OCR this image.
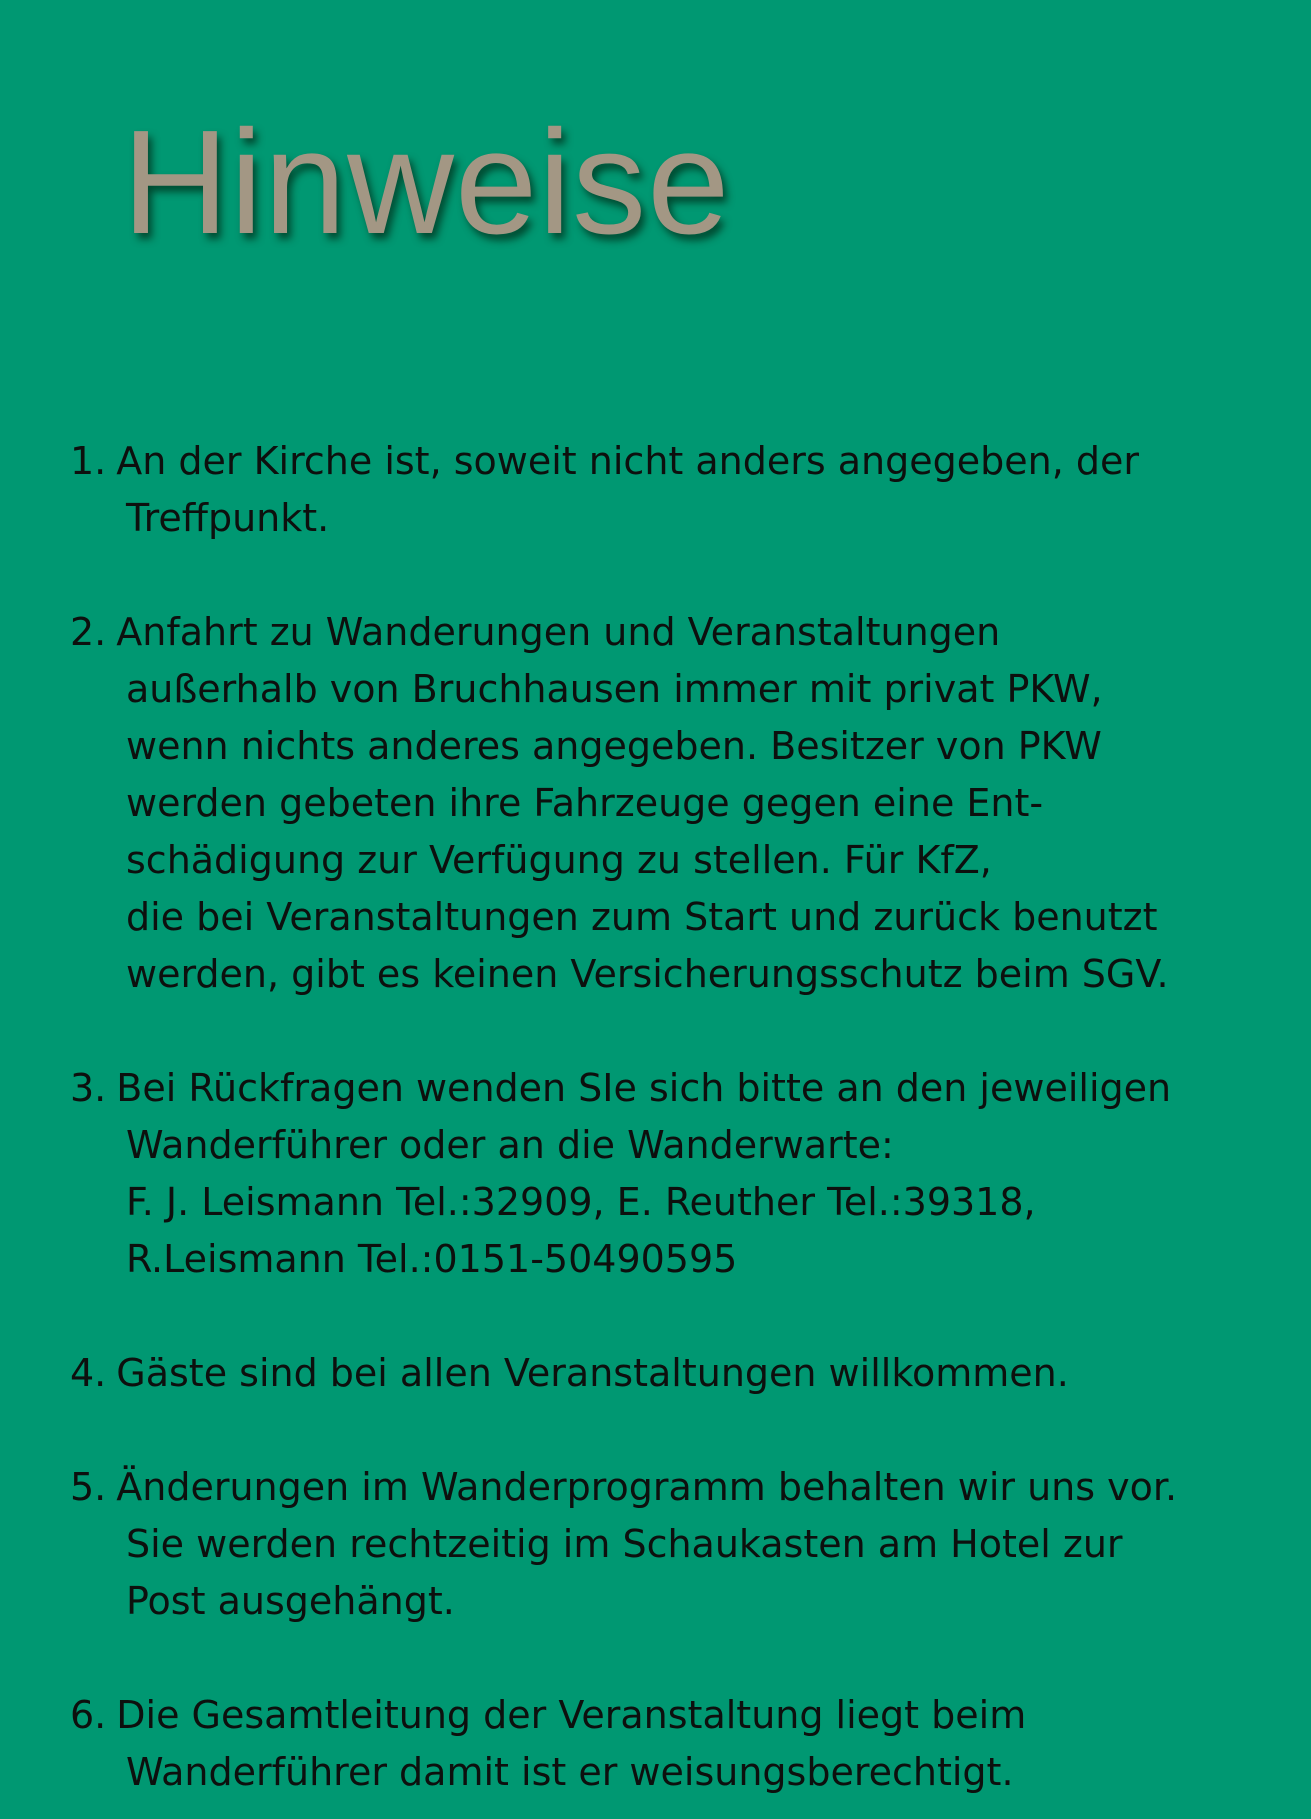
Hinweise
1. An der Kirche ist, soweit nicht anders angegeben, der
Treffpunkt.
2. Anfahrt zu Wanderungen und Veranstaltungen
außerhalb von Bruchhausen immer mit privat PKW,
wenn nichts anderes angegeben. Besitzer von PKW
werden gebeten ihre Fahrzeuge gegen eine Ent-
schädigung zur Verfügung zu stellen. Für KfZ,
die bei Veranstaltungen zum Start und zurück benutzt
werden, gibt es keinen Versicherungsschutz beim SGV.
3. Bei Rückfragen wenden SIe sich bitte an den jeweiligen
Wanderführer oder an die Wanderwarte:
F. J. Leismann Tel.:32909, E. Reuther Tel.:39318,
R.Leismann Tel.:0151-50490595
4. Gäste sind bei allen Veranstaltungen willkommen.
5. Änderungen im Wanderprogramm behalten wir uns vor.
Sie werden rechtzeitig im Schaukasten am Hotel zur
Post ausgehängt.
6. Die Gesamtleitung der Veranstaltung liegt beim
Wanderführer damit ist er weisungsberechtigt.
